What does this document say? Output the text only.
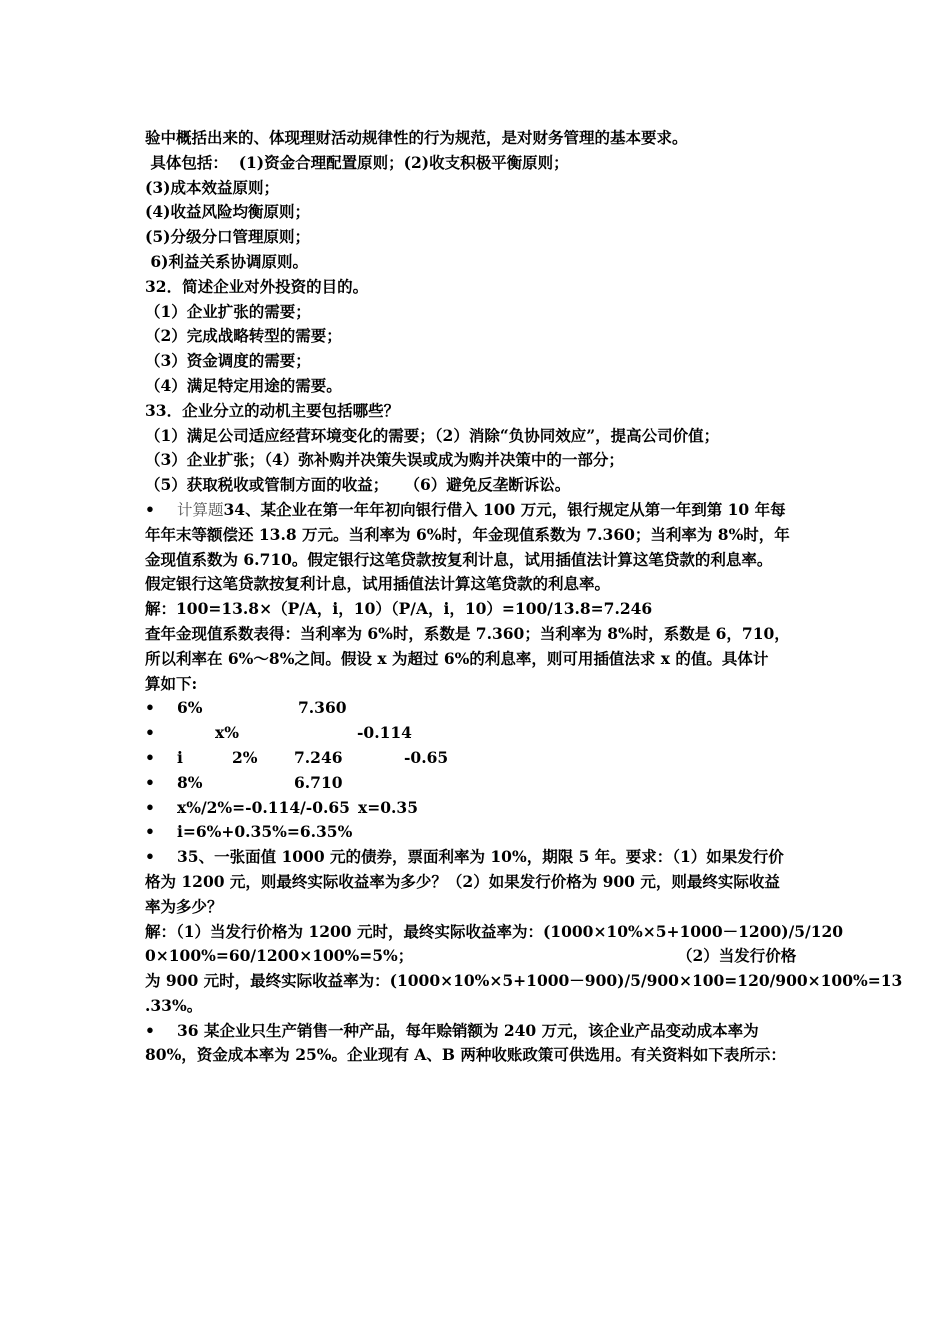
验中概括出来的、体现理财活动规律性的行为规范，是对财务管理的基本要求。
具体包括：  (1)资金合理配置原则；(2)收支积极平衡原则；
(3)成本效益原则；
(4)收益风险均衡原则；
(5)分级分口管理原则；
6)利益关系协调原则。
32．简述企业对外投资的目的。
（1）企业扩张的需要；
（2）完成战略转型的需要；
（3）资金调度的需要；
（4）满足特定用途的需要。
33．企业分立的动机主要包括哪些？
（1）满足公司适应经营环境变化的需要；（2）消除“负协同效应”，提高公司价值；
（3）企业扩张；（4）弥补购并决策失误或成为购并决策中的一部分；
（5）获取税收或管制方面的收益；   （6）避免反垄断诉讼。
• 计算题34、某企业在第一年年初向银行借入 100 万元，银行规定从第一年到第 10 年每
年年末等额偿还 13.8 万元。当利率为 6%时，年金现值系数为 7.360；当利率为 8%时，年
金现值系数为 6.710。假定银行这笔贷款按复利计息，试用插值法计算这笔贷款的利息率。
假定银行这笔贷款按复利计息，试用插值法计算这笔贷款的利息率。
解：100=13.8×（P/A，i，10）（P/A，i，10）=100/13.8=7.246
查年金现值系数表得：当利率为 6%时，系数是 7.360；当利率为 8%时，系数是 6，710，
所以利率在 6%～8%之间。假设 x 为超过 6%的利息率，则可用插值法求 x 的值。具体计
算如下:
• 6%	7.360
•	x%	-0.114
• i	2% 7.246	-0.65
• 8%	6.710
• x%/2%=-0.114/-0.65 x=0.35
• i=6%+0.35%=6.35%
• 35、一张面值 1000 元的债券，票面利率为 10%，期限 5 年。要求：（1）如果发行价
格为 1200 元，则最终实际收益率为多少？（2）如果发行价格为 900 元，则最终实际收益
率为多少？
解：（1）当发行价格为 1200 元时，最终实际收益率为：(1000×10%×5+1000－1200)/5/120
0×100%=60/1200×100%=5%；	（2）当发行价格
为 900 元时，最终实际收益率为：(1000×10%×5+1000－900)/5/900×100=120/900×100%=13
.33%。
• 36 某企业只生产销售一种产品，每年赊销额为 240 万元，该企业产品变动成本率为
80%，资金成本率为 25%。企业现有 A、B 两种收账政策可供选用。有关资料如下表所示：
